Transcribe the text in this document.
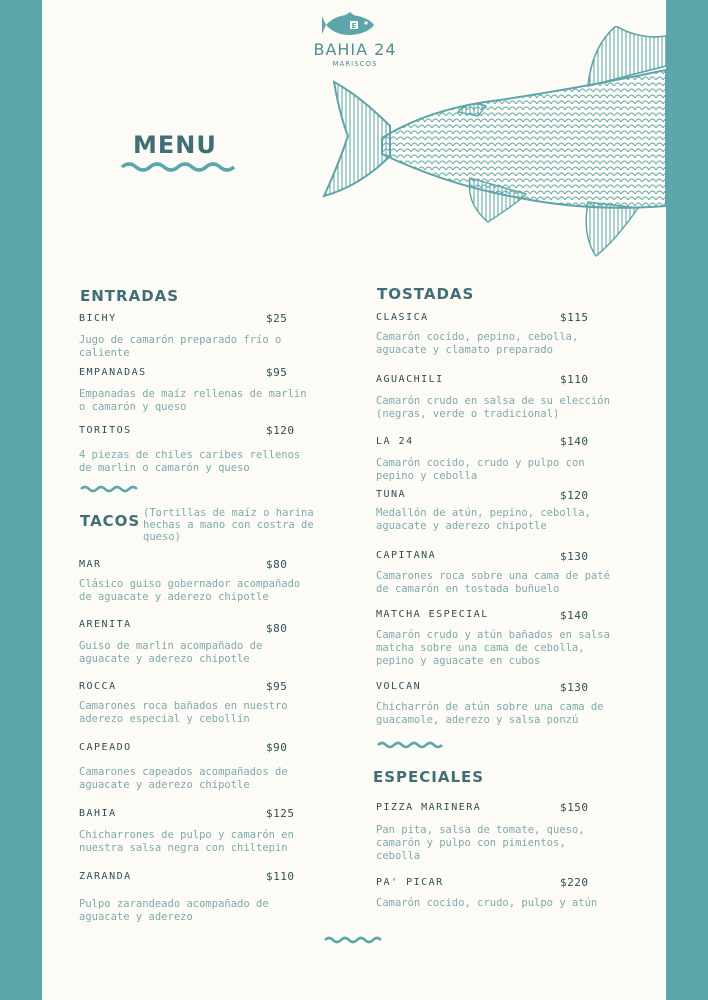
E
BAHIA 24
MARISCOS
MENU
ENTRADAS
BICHY	$25
Jugo de camarón preparado frío o
caliente
EMPANADAS	$95
Empanadas de maíz rellenas de marlin
o camarón y queso
TORITOS	$120
4 piezas de chiles caribes rellenos
de marlin o camarón y queso
TACOS (Tortillas de maíz o harina
hechas a mano con costra de
queso)
MAR	$80
Clásico guiso gobernador acompañado
de aguacate y aderezo chipotle
ARENITA	$80
Guiso de marlin acompañado de
aguacate y aderezo chipotle
ROCCA	$95
Camarones roca bañados en nuestro
aderezo especial y cebollín
CAPEADO	$90
Camarones capeados acompañados de
aguacate y aderezo chipotle
BAHIA	$125
Chicharrones de pulpo y camarón en
nuestra salsa negra con chiltepin
ZARANDA	$110
Pulpo zarandeado acompañado de
aguacate y aderezo
TOSTADAS
CLASICA	$115
Camarón cocido, pepino, cebolla,
aguacate y clamato preparado
AGUACHILI	$110
Camarón crudo en salsa de su elección
(negras, verde o tradicional)
LA 24	$140
Camarón cocido, crudo y pulpo con
pepino y cebolla
TUNA	$120
Medallón de atún, pepino, cebolla,
aguacate y aderezo chipotle
CAPITANA	$130
Camarones roca sobre una cama de paté
de camarón en tostada buñuelo
MATCHA ESPECIAL	$140
Camarón crudo y atún bañados en salsa
matcha sobre una cama de cebolla,
pepino y aguacate en cubos
VOLCAN	$130
Chicharrón de atún sobre una cama de
guacamole, aderezo y salsa ponzú
ESPECIALES
PIZZA MARINERA	$150
Pan pita, salsa de tomate, queso,
camarón y pulpo con pimientos,
cebolla
PA' PICAR	$220
Camarón cocido, crudo, pulpo y atún
